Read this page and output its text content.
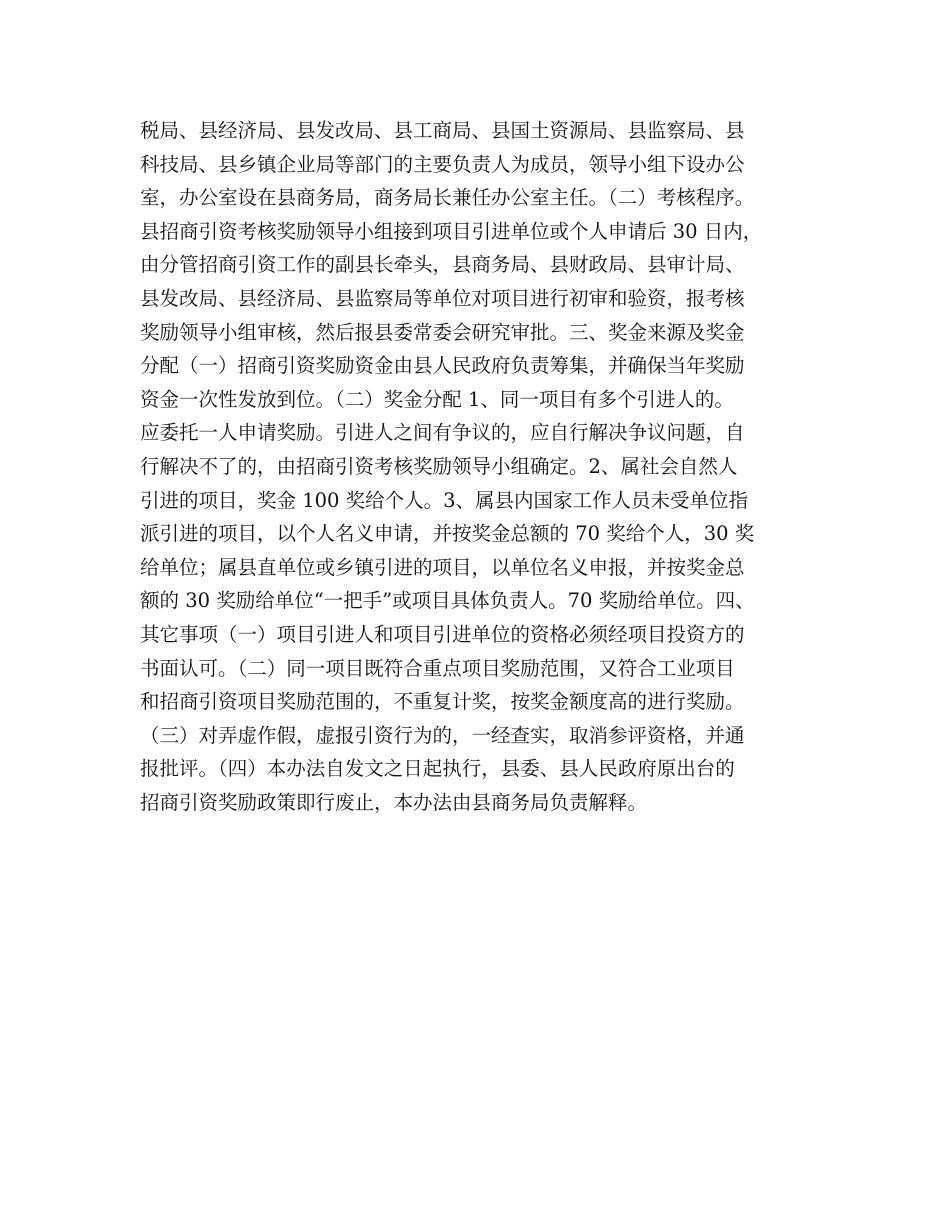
税局、县经济局、县发改局、县工商局、县国土资源局、县监察局、县
科技局、县乡镇企业局等部门的主要负责人为成员，领导小组下设办公
室，办公室设在县商务局，商务局长兼任办公室主任。（二）考核程序。
县招商引资考核奖励领导小组接到项目引进单位或个人申请后 30 日内，
由分管招商引资工作的副县长牵头，县商务局、县财政局、县审计局、
县发改局、县经济局、县监察局等单位对项目进行初审和验资，报考核
奖励领导小组审核，然后报县委常委会研究审批。三、奖金来源及奖金
分配（一）招商引资奖励资金由县人民政府负责筹集，并确保当年奖励
资金一次性发放到位。（二）奖金分配 1、同一项目有多个引进人的。
应委托一人申请奖励。引进人之间有争议的，应自行解决争议问题，自
行解决不了的，由招商引资考核奖励领导小组确定。2、属社会自然人
引进的项目，奖金 100 奖给个人。3、属县内国家工作人员未受单位指
派引进的项目，以个人名义申请，并按奖金总额的 70 奖给个人，30 奖
给单位；属县直单位或乡镇引进的项目，以单位名义申报，并按奖金总
额的 30 奖励给单位“一把手”或项目具体负责人。70 奖励给单位。四、
其它事项（一）项目引进人和项目引进单位的资格必须经项目投资方的
书面认可。（二）同一项目既符合重点项目奖励范围，又符合工业项目
和招商引资项目奖励范围的，不重复计奖，按奖金额度高的进行奖励。
（三）对弄虚作假，虚报引资行为的，一经查实，取消参评资格，并通
报批评。（四）本办法自发文之日起执行，县委、县人民政府原出台的
招商引资奖励政策即行废止，本办法由县商务局负责解释。
